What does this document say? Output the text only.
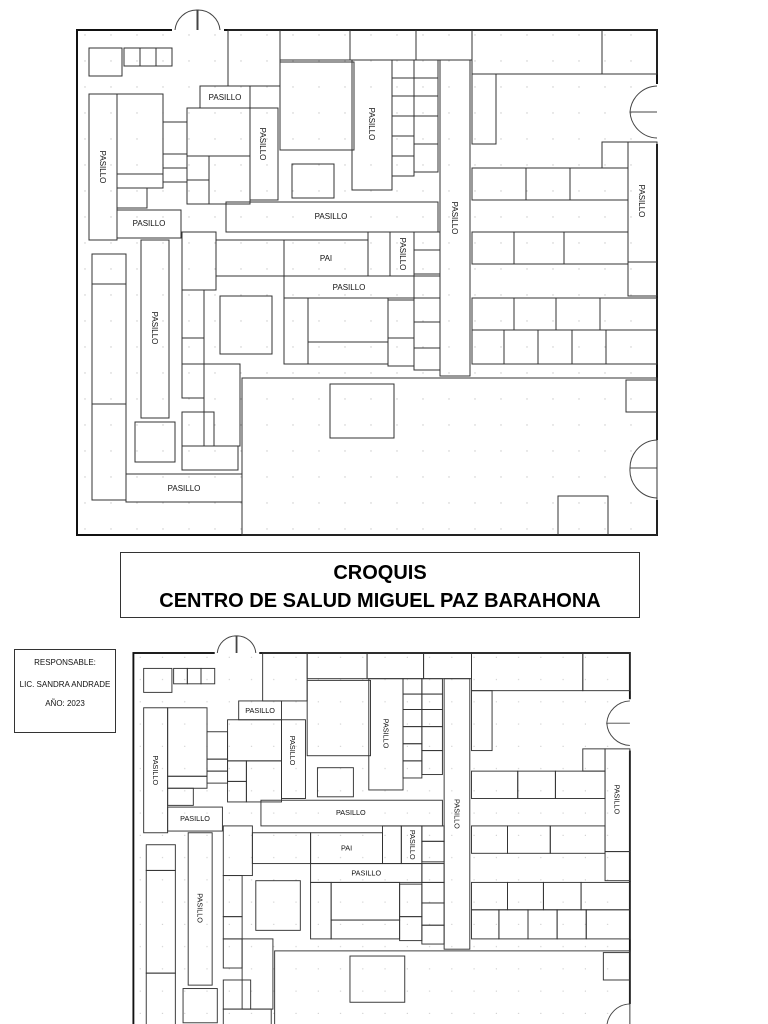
PASILLO
PASILLO
PASILLO
PAI
PASILLO
PASILLO
PASILLO
PASILLO
PASILLO
PASILLO
PASILLO
PASILLO
PASILLO
CROQUIS
CENTRO DE SALUD MIGUEL PAZ BARAHONA
RESPONSABLE:
LIC. SANDRA ANDRADE
AÑO: 2023
PASILLO
PASILLO
PASILLO
PAI
PASILLO
PASILLO
PASILLO
PASILLO
PASILLO
PASILLO
PASILLO
PASILLO
